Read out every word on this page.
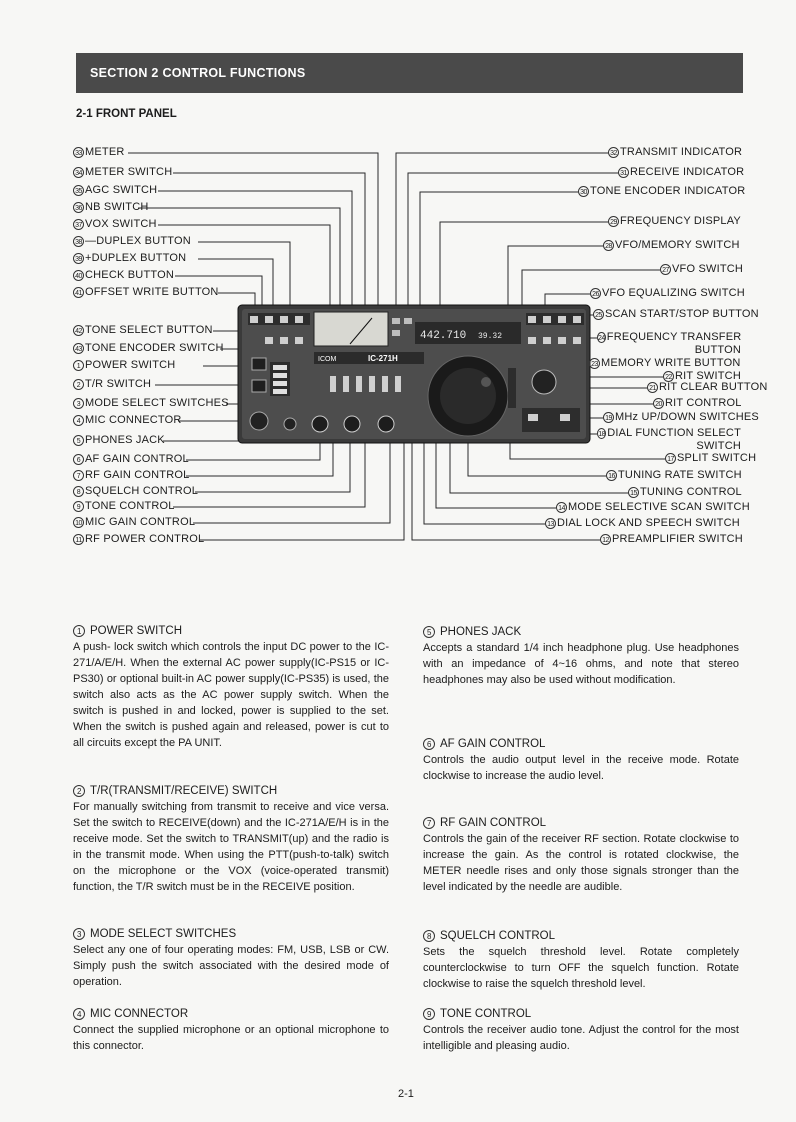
SECTION 2 CONTROL FUNCTIONS
2-1 FRONT PANEL
442.710 39.32
ICOM	IC-271H
33 METER
34 METER SWITCH
35 AGC SWITCH
36 NB SWITCH
37 VOX SWITCH
38 —DUPLEX BUTTON
39 +DUPLEX BUTTON
40 CHECK BUTTON
41 OFFSET WRITE BUTTON
42 TONE SELECT BUTTON
43 TONE ENCODER SWITCH
1 POWER SWITCH
2 T/R SWITCH
3 MODE SELECT SWITCHES
4 MIC CONNECTOR
5 PHONES JACK
6 AF GAIN CONTROL
7 RF GAIN CONTROL
8 SQUELCH CONTROL
9 TONE CONTROL
10 MIC GAIN CONTROL
11 RF POWER CONTROL
32 TRANSMIT INDICATOR
31 RECEIVE INDICATOR
30 TONE ENCODER INDICATOR
29 FREQUENCY DISPLAY
28 VFO/MEMORY SWITCH
27 VFO SWITCH
26 VFO EQUALIZING SWITCH
25 SCAN START/STOP BUTTON
24 FREQUENCY TRANSFER
BUTTON
23 MEMORY WRITE BUTTON
22 RIT SWITCH
21 RIT CLEAR BUTTON
20 RIT CONTROL
19 MHz UP/DOWN SWITCHES
18 DIAL FUNCTION SELECT
SWITCH
17 SPLIT SWITCH
16 TUNING RATE SWITCH
15 TUNING CONTROL
14 MODE SELECTIVE SCAN SWITCH
13 DIAL LOCK AND SPEECH SWITCH
12 PREAMPLIFIER SWITCH
1 POWER SWITCH

A push- lock switch which controls the input DC power to the IC-271/A/E/H. When the external AC power supply(IC-PS15 or IC-PS30) or optional built-in AC power supply(IC-PS35) is used, the switch also acts as the AC power supply switch. When the switch is pushed in and locked, power is supplied to the set. When the switch is pushed again and released, power is cut to all circuits except the PA UNIT.

2 T/R(TRANSMIT/RECEIVE) SWITCH

For manually switching from transmit to receive and vice versa. Set the switch to RECEIVE(down) and the IC-271A/E/H is in the receive mode. Set the switch to TRANSMIT(up) and the radio is in the transmit mode. When using the PTT(push-to-talk) switch on the microphone or the VOX (voice-operated transmit) function, the T/R switch must be in the RECEIVE position.

3 MODE SELECT SWITCHES

Select any one of four operating modes: FM, USB, LSB or CW. Simply push the switch associated with the desired mode of operation.

4 MIC CONNECTOR

Connect the supplied microphone or an optional microphone to this connector.

5 PHONES JACK

Accepts a standard 1/4 inch headphone plug. Use headphones with an impedance of 4~16 ohms, and note that stereo headphones may also be used without modification.

6 AF GAIN CONTROL

Controls the audio output level in the receive mode. Rotate clockwise to increase the audio level.

7 RF GAIN CONTROL

Controls the gain of the receiver RF section. Rotate clockwise to increase the gain. As the control is rotated clockwise, the METER needle rises and only those signals stronger than the level indicated by the needle are audible.

8 SQUELCH CONTROL

Sets the squelch threshold level. Rotate completely counterclockwise to turn OFF the squelch function. Rotate clockwise to raise the squelch threshold level.

9 TONE CONTROL

Controls the receiver audio tone. Adjust the control for the most intelligible and pleasing audio.

2-1
